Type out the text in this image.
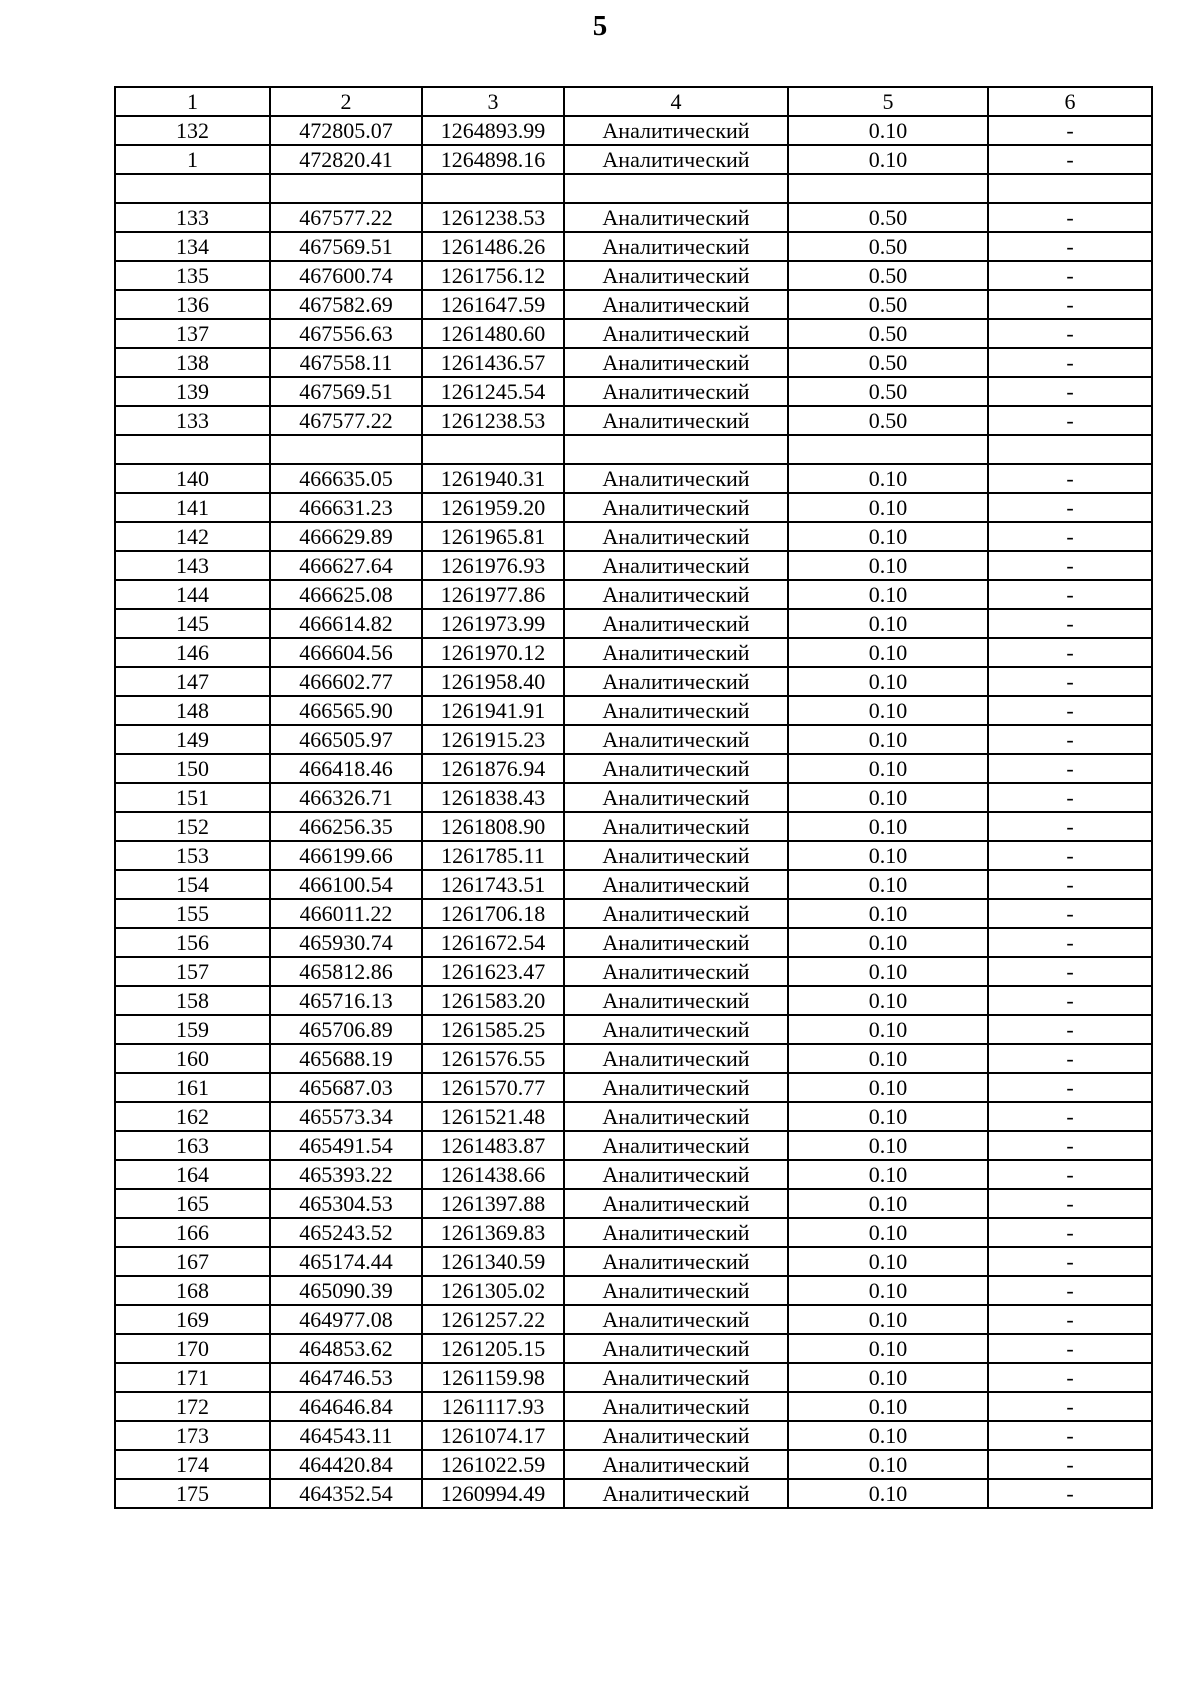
5
1	2	3	4	5	6
132	472805.07	1264893.99	Аналитический	0.10	-
1	472820.41	1264898.16	Аналитический	0.10	-

133	467577.22	1261238.53	Аналитический	0.50	-
134	467569.51	1261486.26	Аналитический	0.50	-
135	467600.74	1261756.12	Аналитический	0.50	-
136	467582.69	1261647.59	Аналитический	0.50	-
137	467556.63	1261480.60	Аналитический	0.50	-
138	467558.11	1261436.57	Аналитический	0.50	-
139	467569.51	1261245.54	Аналитический	0.50	-
133	467577.22	1261238.53	Аналитический	0.50	-

140	466635.05	1261940.31	Аналитический	0.10	-
141	466631.23	1261959.20	Аналитический	0.10	-
142	466629.89	1261965.81	Аналитический	0.10	-
143	466627.64	1261976.93	Аналитический	0.10	-
144	466625.08	1261977.86	Аналитический	0.10	-
145	466614.82	1261973.99	Аналитический	0.10	-
146	466604.56	1261970.12	Аналитический	0.10	-
147	466602.77	1261958.40	Аналитический	0.10	-
148	466565.90	1261941.91	Аналитический	0.10	-
149	466505.97	1261915.23	Аналитический	0.10	-
150	466418.46	1261876.94	Аналитический	0.10	-
151	466326.71	1261838.43	Аналитический	0.10	-
152	466256.35	1261808.90	Аналитический	0.10	-
153	466199.66	1261785.11	Аналитический	0.10	-
154	466100.54	1261743.51	Аналитический	0.10	-
155	466011.22	1261706.18	Аналитический	0.10	-
156	465930.74	1261672.54	Аналитический	0.10	-
157	465812.86	1261623.47	Аналитический	0.10	-
158	465716.13	1261583.20	Аналитический	0.10	-
159	465706.89	1261585.25	Аналитический	0.10	-
160	465688.19	1261576.55	Аналитический	0.10	-
161	465687.03	1261570.77	Аналитический	0.10	-
162	465573.34	1261521.48	Аналитический	0.10	-
163	465491.54	1261483.87	Аналитический	0.10	-
164	465393.22	1261438.66	Аналитический	0.10	-
165	465304.53	1261397.88	Аналитический	0.10	-
166	465243.52	1261369.83	Аналитический	0.10	-
167	465174.44	1261340.59	Аналитический	0.10	-
168	465090.39	1261305.02	Аналитический	0.10	-
169	464977.08	1261257.22	Аналитический	0.10	-
170	464853.62	1261205.15	Аналитический	0.10	-
171	464746.53	1261159.98	Аналитический	0.10	-
172	464646.84	1261117.93	Аналитический	0.10	-
173	464543.11	1261074.17	Аналитический	0.10	-
174	464420.84	1261022.59	Аналитический	0.10	-
175	464352.54	1260994.49	Аналитический	0.10	-
